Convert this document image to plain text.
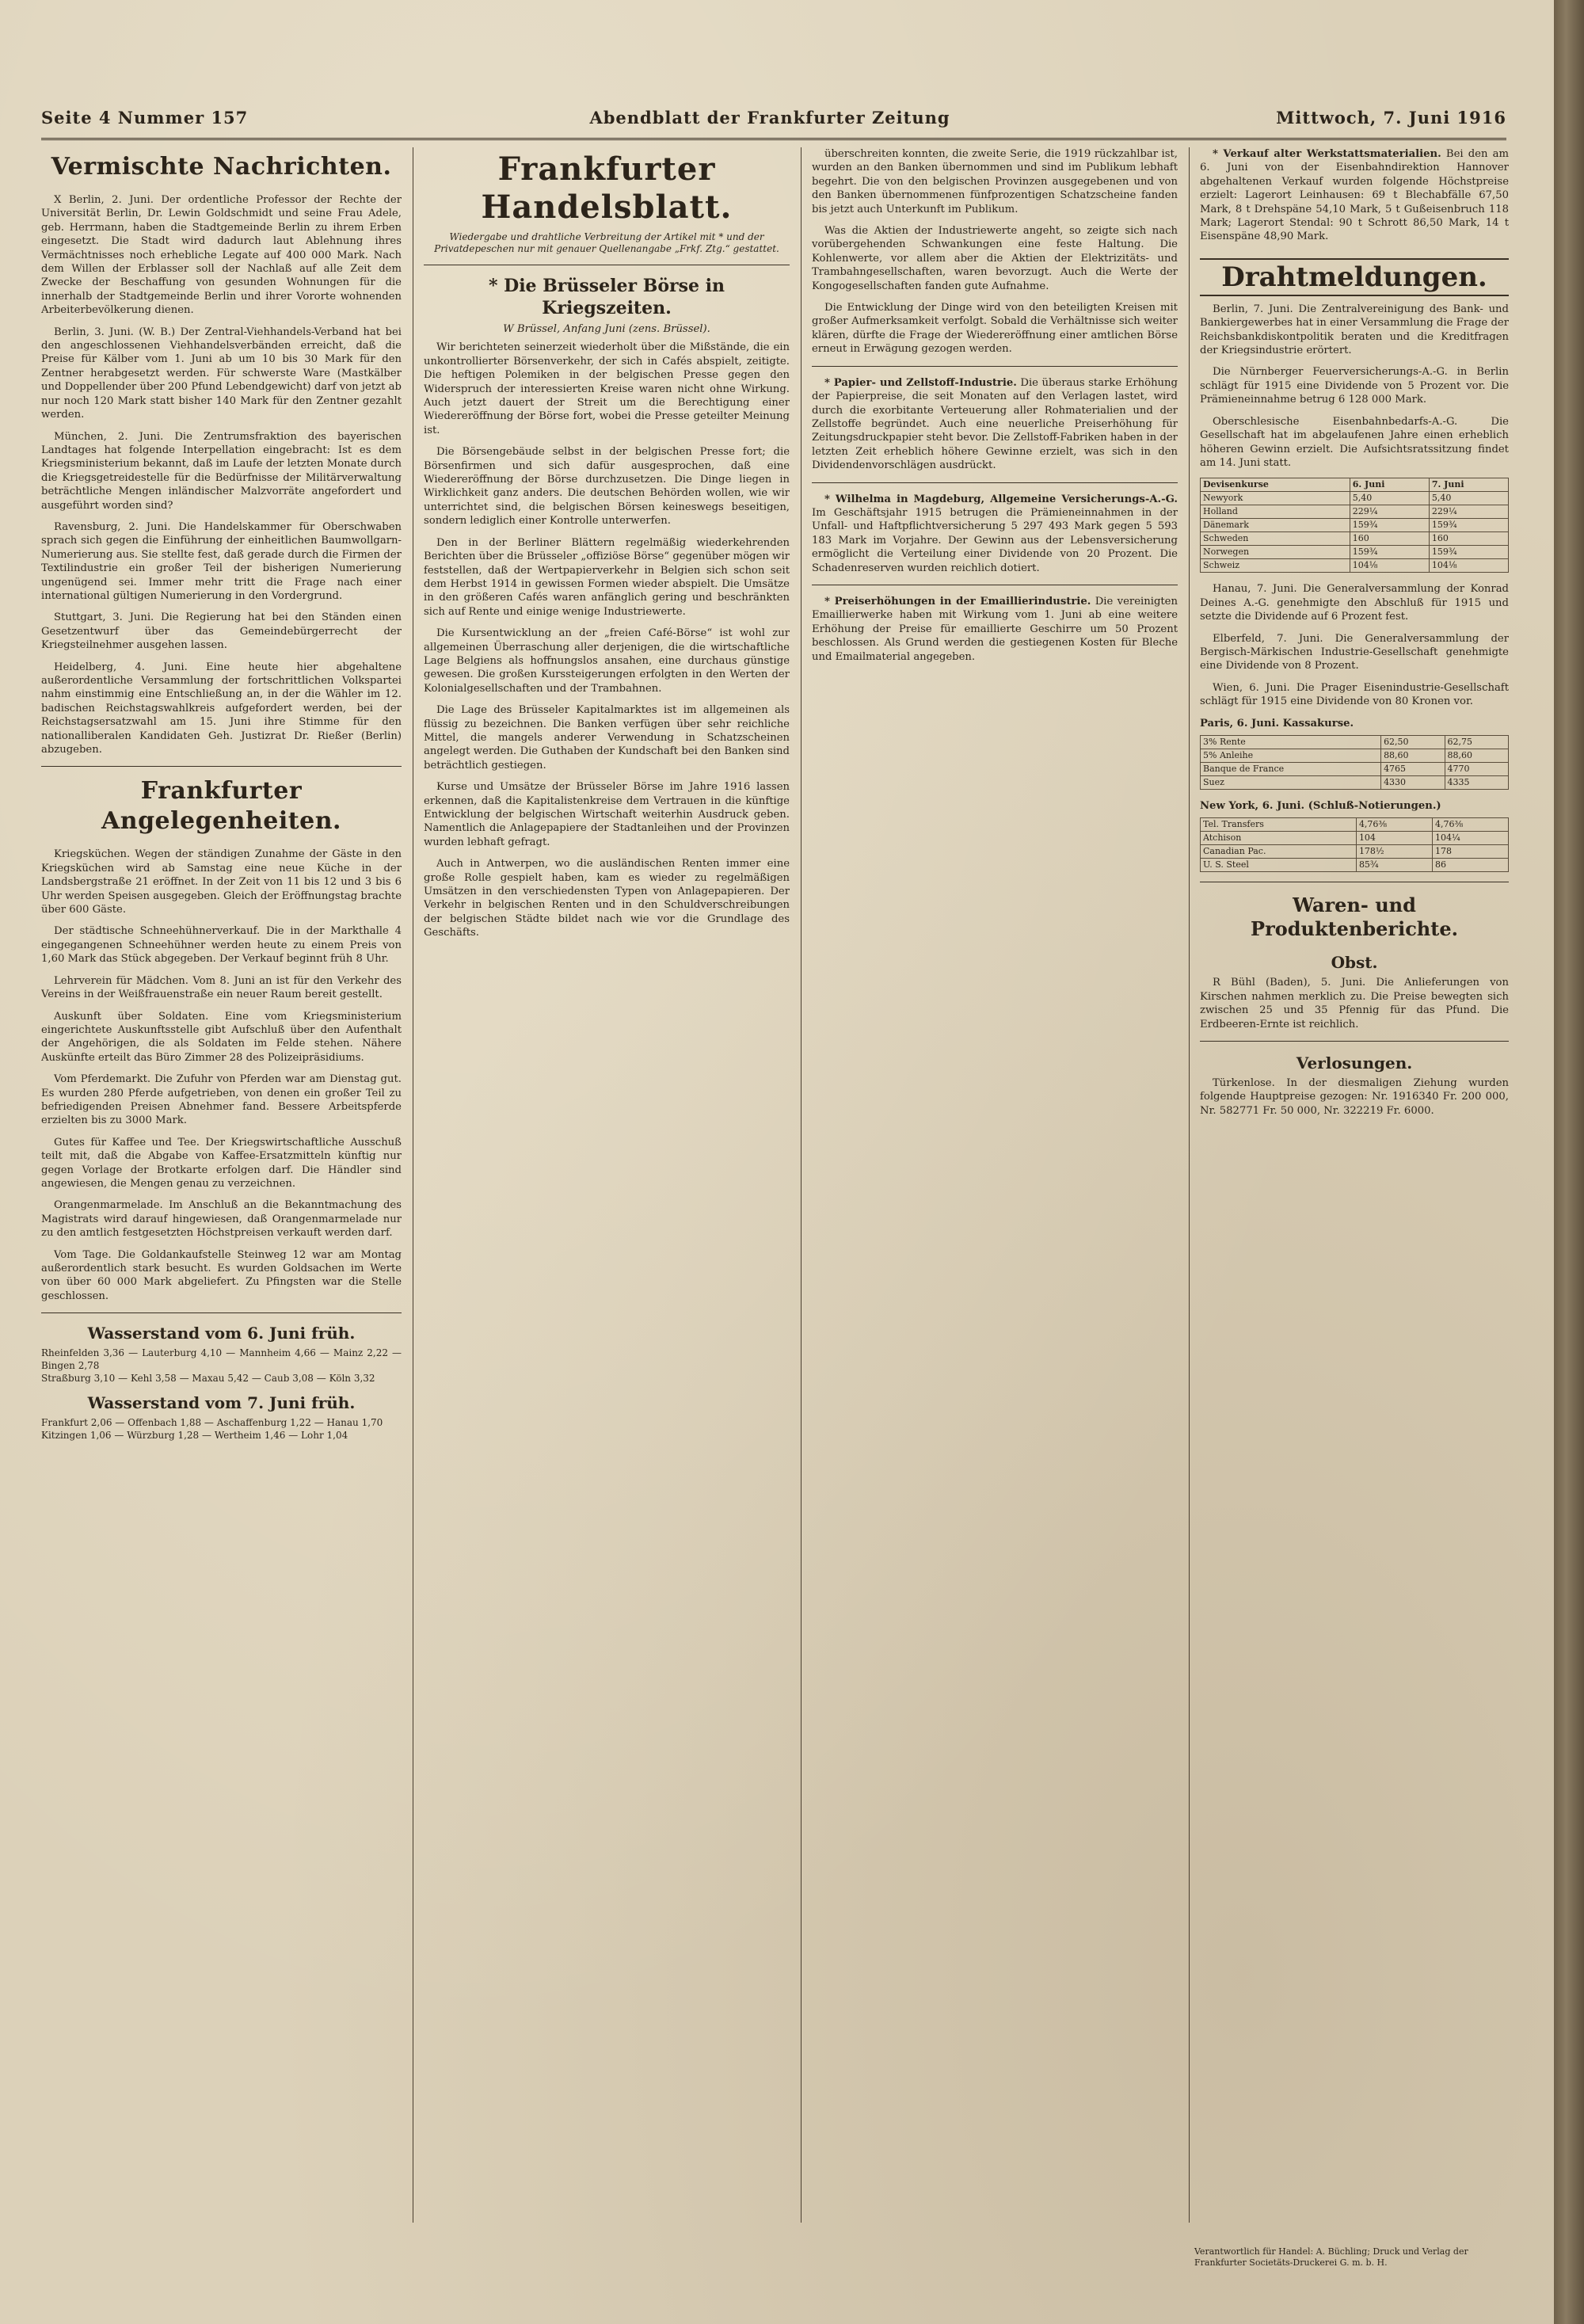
Seite 4 Nummer 157	Abendblatt der Frankfurter Zeitung	Mittwoch, 7. Juni 1916
Vermischte Nachrichten.

X Berlin, 2. Juni. Der ordentliche Professor der Rechte der Universität Berlin, Dr. Lewin Goldschmidt und seine Frau Adele, geb. Herrmann, haben die Stadtgemeinde Berlin zu ihrem Erben eingesetzt. Die Stadt wird dadurch laut Ablehnung ihres Vermächtnisses noch erhebliche Legate auf 400 000 Mark. Nach dem Willen der Erblasser soll der Nachlaß auf alle Zeit dem Zwecke der Beschaffung von gesunden Wohnungen für die innerhalb der Stadtgemeinde Berlin und ihrer Vororte wohnenden Arbeiterbevölkerung dienen.

Berlin, 3. Juni. (W. B.) Der Zentral-Viehhandels-Verband hat bei den angeschlossenen Viehhandelsverbänden erreicht, daß die Preise für Kälber vom 1. Juni ab um 10 bis 30 Mark für den Zentner herabgesetzt werden. Für schwerste Ware (Mastkälber und Doppellender über 200 Pfund Lebendgewicht) darf von jetzt ab nur noch 120 Mark statt bisher 140 Mark für den Zentner gezahlt werden.

München, 2. Juni. Die Zentrumsfraktion des bayerischen Landtages hat folgende Interpellation eingebracht: Ist es dem Kriegsministerium bekannt, daß im Laufe der letzten Monate durch die Kriegsgetreidestelle für die Bedürfnisse der Militärverwaltung beträchtliche Mengen inländischer Malzvorräte angefordert und ausgeführt worden sind?

Ravensburg, 2. Juni. Die Handelskammer für Oberschwaben sprach sich gegen die Einführung der einheitlichen Baumwollgarn-Numerierung aus. Sie stellte fest, daß gerade durch die Firmen der Textilindustrie ein großer Teil der bisherigen Numerierung ungenügend sei. Immer mehr tritt die Frage nach einer international gültigen Numerierung in den Vordergrund.

Stuttgart, 3. Juni. Die Regierung hat bei den Ständen einen Gesetzentwurf über das Gemeindebürgerrecht der Kriegsteilnehmer ausgehen lassen.

Heidelberg, 4. Juni. Eine heute hier abgehaltene außerordentliche Versammlung der fortschrittlichen Volkspartei nahm einstimmig eine Entschließung an, in der die Wähler im 12. badischen Reichstagswahlkreis aufgefordert werden, bei der Reichstagsersatzwahl am 15. Juni ihre Stimme für den nationalliberalen Kandidaten Geh. Justizrat Dr. Rießer (Berlin) abzugeben.

Frankfurter Angelegenheiten.

Kriegsküchen. Wegen der ständigen Zunahme der Gäste in den Kriegsküchen wird ab Samstag eine neue Küche in der Landsbergstraße 21 eröffnet. In der Zeit von 11 bis 12 und 3 bis 6 Uhr werden Speisen ausgegeben. Gleich der Eröffnungstag brachte über 600 Gäste.

Der städtische Schneehühnerverkauf. Die in der Markthalle 4 eingegangenen Schneehühner werden heute zu einem Preis von 1,60 Mark das Stück abgegeben. Der Verkauf beginnt früh 8 Uhr.

Lehrverein für Mädchen. Vom 8. Juni an ist für den Verkehr des Vereins in der Weißfrauenstraße ein neuer Raum bereit gestellt.

Auskunft über Soldaten. Eine vom Kriegsministerium eingerichtete Auskunftsstelle gibt Aufschluß über den Aufenthalt der Angehörigen, die als Soldaten im Felde stehen. Nähere Auskünfte erteilt das Büro Zimmer 28 des Polizeipräsidiums.

Vom Pferdemarkt. Die Zufuhr von Pferden war am Dienstag gut. Es wurden 280 Pferde aufgetrieben, von denen ein großer Teil zu befriedigenden Preisen Abnehmer fand. Bessere Arbeitspferde erzielten bis zu 3000 Mark.

Gutes für Kaffee und Tee. Der Kriegswirtschaftliche Ausschuß teilt mit, daß die Abgabe von Kaffee-Ersatzmitteln künftig nur gegen Vorlage der Brotkarte erfolgen darf. Die Händler sind angewiesen, die Mengen genau zu verzeichnen.

Orangenmarmelade. Im Anschluß an die Bekanntmachung des Magistrats wird darauf hingewiesen, daß Orangenmarmelade nur zu den amtlich festgesetzten Höchstpreisen verkauft werden darf.

Vom Tage. Die Goldankaufstelle Steinweg 12 war am Montag außerordentlich stark besucht. Es wurden Goldsachen im Werte von über 60 000 Mark abgeliefert. Zu Pfingsten war die Stelle geschlossen.

Wasserstand vom 6. Juni früh.
Rheinfelden 3,36 — Lauterburg 4,10 — Mannheim 4,66 — Mainz 2,22 — Bingen 2,78
Straßburg 3,10 — Kehl 3,58 — Maxau 5,42 — Caub 3,08 — Köln 3,32
Wasserstand vom 7. Juni früh.
Frankfurt 2,06 — Offenbach 1,88 — Aschaffenburg 1,22 — Hanau 1,70
Kitzingen 1,06 — Würzburg 1,28 — Wertheim 1,46 — Lohr 1,04
Frankfurter Handelsblatt.
Wiedergabe und drahtliche Verbreitung der Artikel mit * und der Privatdepeschen nur mit genauer Quellenangabe „Frkf. Ztg.“ gestattet.
* Die Brüsseler Börse in Kriegszeiten.
W Brüssel, Anfang Juni (zens. Brüssel).

Wir berichteten seinerzeit wiederholt über die Mißstände, die ein unkontrollierter Börsenverkehr, der sich in Cafés abspielt, zeitigte. Die heftigen Polemiken in der belgischen Presse gegen den Widerspruch der interessierten Kreise waren nicht ohne Wirkung. Auch jetzt dauert der Streit um die Berechtigung einer Wiedereröffnung der Börse fort, wobei die Presse geteilter Meinung ist.

Die Börsengebäude selbst in der belgischen Presse fort; die Börsenfirmen und sich dafür ausgesprochen, daß eine Wiedereröffnung der Börse durchzusetzen. Die Dinge liegen in Wirklichkeit ganz anders. Die deutschen Behörden wollen, wie wir unterrichtet sind, die belgischen Börsen keineswegs beseitigen, sondern lediglich einer Kontrolle unterwerfen.

Den in der Berliner Blättern regelmäßig wiederkehrenden Berichten über die Brüsseler „offiziöse Börse“ gegenüber mögen wir feststellen, daß der Wertpapierverkehr in Belgien sich schon seit dem Herbst 1914 in gewissen Formen wieder abspielt. Die Umsätze in den größeren Cafés waren anfänglich gering und beschränkten sich auf Rente und einige wenige Industriewerte.

Die Kursentwicklung an der „freien Café-Börse“ ist wohl zur allgemeinen Überraschung aller derjenigen, die die wirtschaftliche Lage Belgiens als hoffnungslos ansahen, eine durchaus günstige gewesen. Die großen Kurssteigerungen erfolgten in den Werten der Kolonialgesellschaften und der Trambahnen.

Die Lage des Brüsseler Kapitalmarktes ist im allgemeinen als flüssig zu bezeichnen. Die Banken verfügen über sehr reichliche Mittel, die mangels anderer Verwendung in Schatzscheinen angelegt werden. Die Guthaben der Kundschaft bei den Banken sind beträchtlich gestiegen.

Kurse und Umsätze der Brüsseler Börse im Jahre 1916 lassen erkennen, daß die Kapitalistenkreise dem Vertrauen in die künftige Entwicklung der belgischen Wirtschaft weiterhin Ausdruck geben. Namentlich die Anlagepapiere der Stadtanleihen und der Provinzen wurden lebhaft gefragt.

Auch in Antwerpen, wo die ausländischen Renten immer eine große Rolle gespielt haben, kam es wieder zu regelmäßigen Umsätzen in den verschiedensten Typen von Anlagepapieren. Der Verkehr in belgischen Renten und in den Schuldverschreibungen der belgischen Städte bildet nach wie vor die Grundlage des Geschäfts.

überschreiten konnten, die zweite Serie, die 1919 rückzahlbar ist, wurden an den Banken übernommen und sind im Publikum lebhaft begehrt. Die von den belgischen Provinzen ausgegebenen und von den Banken übernommenen fünfprozentigen Schatzscheine fanden bis jetzt auch Unterkunft im Publikum.

Was die Aktien der Industriewerte angeht, so zeigte sich nach vorübergehenden Schwankungen eine feste Haltung. Die Kohlenwerte, vor allem aber die Aktien der Elektrizitäts- und Trambahngesellschaften, waren bevorzugt. Auch die Werte der Kongogesellschaften fanden gute Aufnahme.

Die Entwicklung der Dinge wird von den beteiligten Kreisen mit großer Aufmerksamkeit verfolgt. Sobald die Verhältnisse sich weiter klären, dürfte die Frage der Wiedereröffnung einer amtlichen Börse erneut in Erwägung gezogen werden.

* Papier- und Zellstoff-Industrie. Die überaus starke Erhöhung der Papierpreise, die seit Monaten auf den Verlagen lastet, wird durch die exorbitante Verteuerung aller Rohmaterialien und der Zellstoffe begründet. Auch eine neuerliche Preiserhöhung für Zeitungsdruckpapier steht bevor. Die Zellstoff-Fabriken haben in der letzten Zeit erheblich höhere Gewinne erzielt, was sich in den Dividendenvorschlägen ausdrückt.

* Wilhelma in Magdeburg, Allgemeine Versicherungs-A.-G. Im Geschäftsjahr 1915 betrugen die Prämieneinnahmen in der Unfall- und Haftpflichtversicherung 5 297 493 Mark gegen 5 593 183 Mark im Vorjahre. Der Gewinn aus der Lebensversicherung ermöglicht die Verteilung einer Dividende von 20 Prozent. Die Schadenreserven wurden reichlich dotiert.

* Preiserhöhungen in der Emaillierindustrie. Die vereinigten Emaillierwerke haben mit Wirkung vom 1. Juni ab eine weitere Erhöhung der Preise für emaillierte Geschirre um 50 Prozent beschlossen. Als Grund werden die gestiegenen Kosten für Bleche und Emailmaterial angegeben.

* Verkauf alter Werkstattsmaterialien. Bei den am 6. Juni von der Eisenbahndirektion Hannover abgehaltenen Verkauf wurden folgende Höchstpreise erzielt: Lagerort Leinhausen: 69 t Blechabfälle 67,50 Mark, 8 t Drehspäne 54,10 Mark, 5 t Gußeisenbruch 118 Mark; Lagerort Stendal: 90 t Schrott 86,50 Mark, 14 t Eisenspäne 48,90 Mark.

Drahtmeldungen.

Berlin, 7. Juni. Die Zentralvereinigung des Bank- und Bankiergewerbes hat in einer Versammlung die Frage der Reichsbankdiskontpolitik beraten und die Kreditfragen der Kriegsindustrie erörtert.

Die Nürnberger Feuerversicherungs-A.-G. in Berlin schlägt für 1915 eine Dividende von 5 Prozent vor. Die Prämieneinnahme betrug 6 128 000 Mark.

Oberschlesische Eisenbahnbedarfs-A.-G. Die Gesellschaft hat im abgelaufenen Jahre einen erheblich höheren Gewinn erzielt. Die Aufsichtsratssitzung findet am 14. Juni statt.

Devisenkurse	6. Juni	7. Juni
Newyork	5,40	5,40
Holland	229¼	229¼
Dänemark	159¾	159¾
Schweden	160	160
Norwegen	159¾	159¾
Schweiz	104⅛	104⅛

Hanau, 7. Juni. Die Generalversammlung der Konrad Deines A.-G. genehmigte den Abschluß für 1915 und setzte die Dividende auf 6 Prozent fest.

Elberfeld, 7. Juni. Die Generalversammlung der Bergisch-Märkischen Industrie-Gesellschaft genehmigte eine Dividende von 8 Prozent.

Wien, 6. Juni. Die Prager Eisenindustrie-Gesellschaft schlägt für 1915 eine Dividende von 80 Kronen vor.

Paris, 6. Juni. Kassakurse.
3% Rente	62,50	62,75
5% Anleihe	88,60	88,60
Banque de France	4765	4770
Suez	4330	4335
New York, 6. Juni. (Schluß-Notierungen.)
Tel. Transfers	4,76⅜	4,76⅜
Atchison	104	104¼
Canadian Pac.	178½	178
U. S. Steel	85¾	86
Waren- und Produktenberichte.
Obst.

R Bühl (Baden), 5. Juni. Die Anlieferungen von Kirschen nahmen merklich zu. Die Preise bewegten sich zwischen 25 und 35 Pfennig für das Pfund. Die Erdbeeren-Ernte ist reichlich.

Verlosungen.

Türkenlose. In der diesmaligen Ziehung wurden folgende Hauptpreise gezogen: Nr. 1916340 Fr. 200 000, Nr. 582771 Fr. 50 000, Nr. 322219 Fr. 6000.

Verantwortlich für Handel: A. Büchling; Druck und Verlag der Frankfurter Societäts-Druckerei G. m. b. H.
